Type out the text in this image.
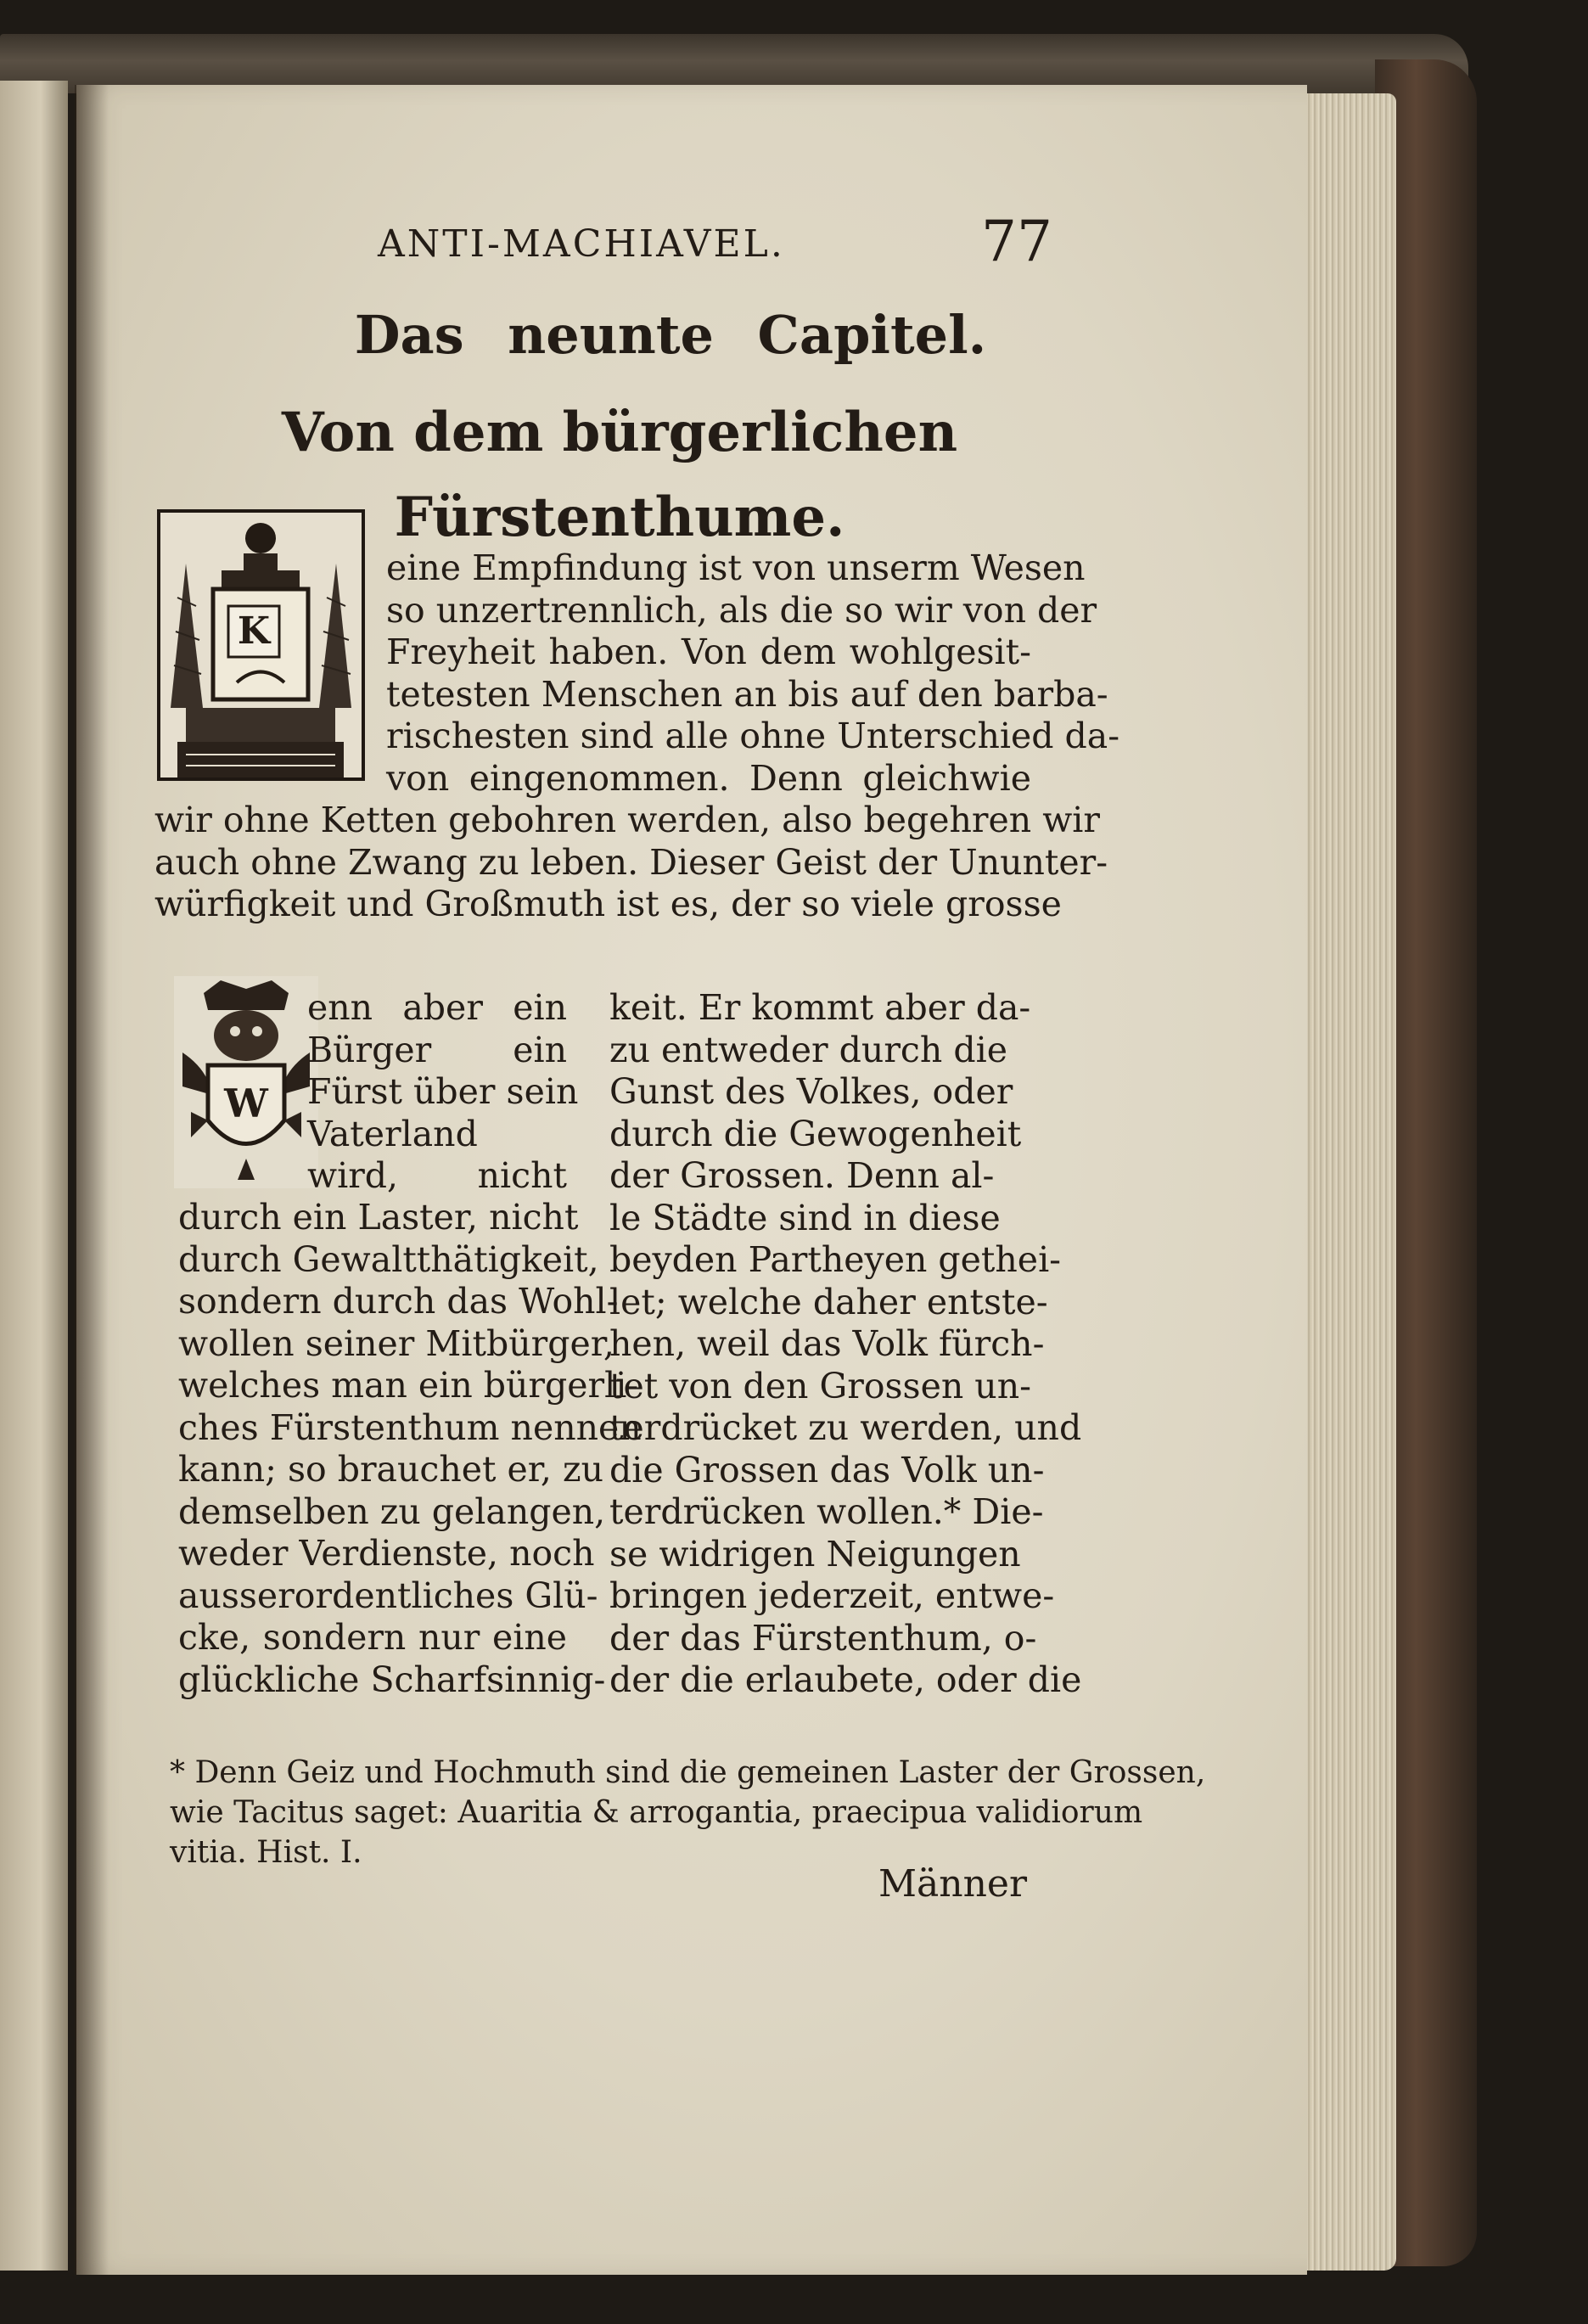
ANTI-MACHIAVEL.	77
Das neunte Capitel.
Von dem bürgerlichen Fürstenthume.
K
W
eine Empfindung ist von unserm Wesen
so unzertrennlich, als die so wir von der
Freyheit haben. Von dem wohlgesit-
tetesten Menschen an bis auf den barba-
rischesten sind alle ohne Unterschied da-
von eingenommen. Denn gleichwie
wir ohne Ketten gebohren werden, also begehren wir
auch ohne Zwang zu leben. Dieser Geist der Ununter-
würfigkeit und Großmuth ist es, der so viele grosse
enn aber ein
Bürger ein
Fürst über sein
Vaterland
wird, nicht
durch ein Laster, nicht
durch Gewaltthätigkeit,
sondern durch das Wohl-
wollen seiner Mitbürger,
welches man ein bürgerli-
ches Fürstenthum nennen
kann; so brauchet er, zu
demselben zu gelangen,
weder Verdienste, noch
ausserordentliches Glü-
cke, sondern nur eine
glückliche Scharfsinnig-
keit. Er kommt aber da-
zu entweder durch die
Gunst des Volkes, oder
durch die Gewogenheit
der Grossen. Denn al-
le Städte sind in diese
beyden Partheyen gethei-
let; welche daher entste-
hen, weil das Volk fürch-
tet von den Grossen un-
terdrücket zu werden, und
die Grossen das Volk un-
terdrücken wollen.* Die-
se widrigen Neigungen
bringen jederzeit, entwe-
der das Fürstenthum, o-
der die erlaubete, oder die
* Denn Geiz und Hochmuth sind die gemeinen Laster der Grossen,
wie Tacitus saget: Auaritia & arrogantia, praecipua validiorum
vitia. Hist. I.
Männer
